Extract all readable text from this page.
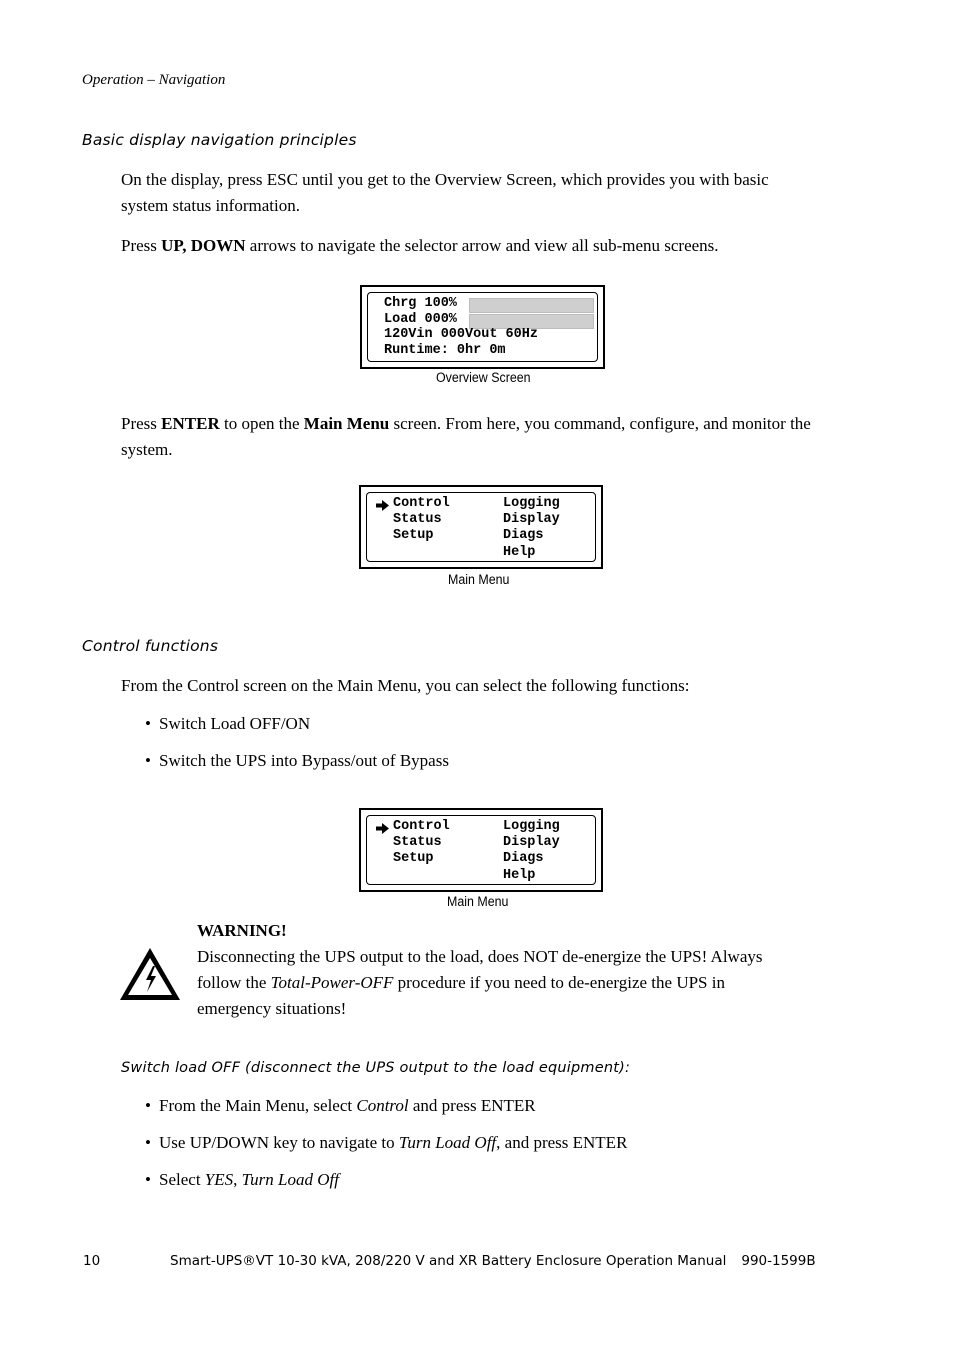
Operation – Navigation
Basic display navigation principles
On the display, press ESC until you get to the Overview Screen, which provides you with basic
system status information.
Press UP, DOWN arrows to navigate the selector arrow and view all sub-menu screens.
Chrg 100%
Load 000%
120Vin 000Vout 60Hz
Runtime: 0hr 0m
Overview Screen
Press ENTER to open the Main Menu screen. From here, you command, configure, and monitor the
system.
Control
Status
Setup
Logging
Display
Diags
Help
Main Menu
Control functions
From the Control screen on the Main Menu, you can select the following functions:
• Switch Load OFF/ON
• Switch the UPS into Bypass/out of Bypass
Control
Status
Setup
Logging
Display
Diags
Help
Main Menu
WARNING!
Disconnecting the UPS output to the load, does NOT de-energize the UPS! Always
follow the Total-Power-OFF procedure if you need to de-energize the UPS in
emergency situations!
Switch load OFF (disconnect the UPS output to the load equipment):
• From the Main Menu, select Control and press ENTER
• Use UP/DOWN key to navigate to Turn Load Off, and press ENTER
• Select YES, Turn Load Off
10	Smart-UPS®VT 10-30 kVA, 208/220 V and XR Battery Enclosure Operation Manual 990-1599B
